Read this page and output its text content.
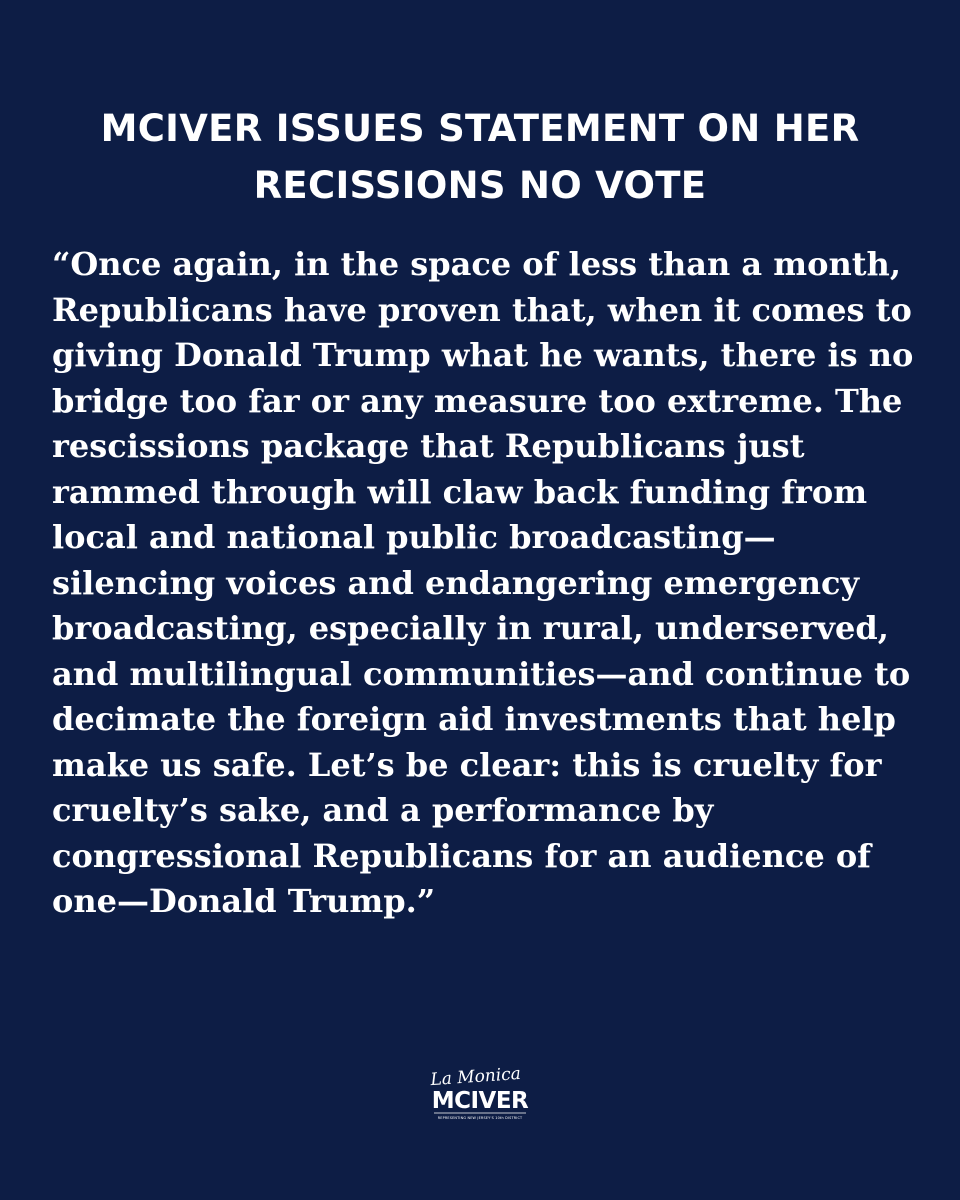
MCIVER ISSUES STATEMENT ON HER
RECISSIONS NO VOTE

“Once again, in the space of less than a month,
Republicans have proven that, when it comes to
giving Donald Trump what he wants, there is no
bridge too far or any measure too extreme. The
rescissions package that Republicans just
rammed through will claw back funding from
local and national public broadcasting—
silencing voices and endangering emergency
broadcasting, especially in rural, underserved,
and multilingual communities—and continue to
decimate the foreign aid investments that help
make us safe. Let’s be clear: this is cruelty for
cruelty’s sake, and a performance by
congressional Republicans for an audience of
one—Donald Trump.”

La Monica
MCIVER
REPRESENTING NEW JERSEY'S 10th DISTRICT
